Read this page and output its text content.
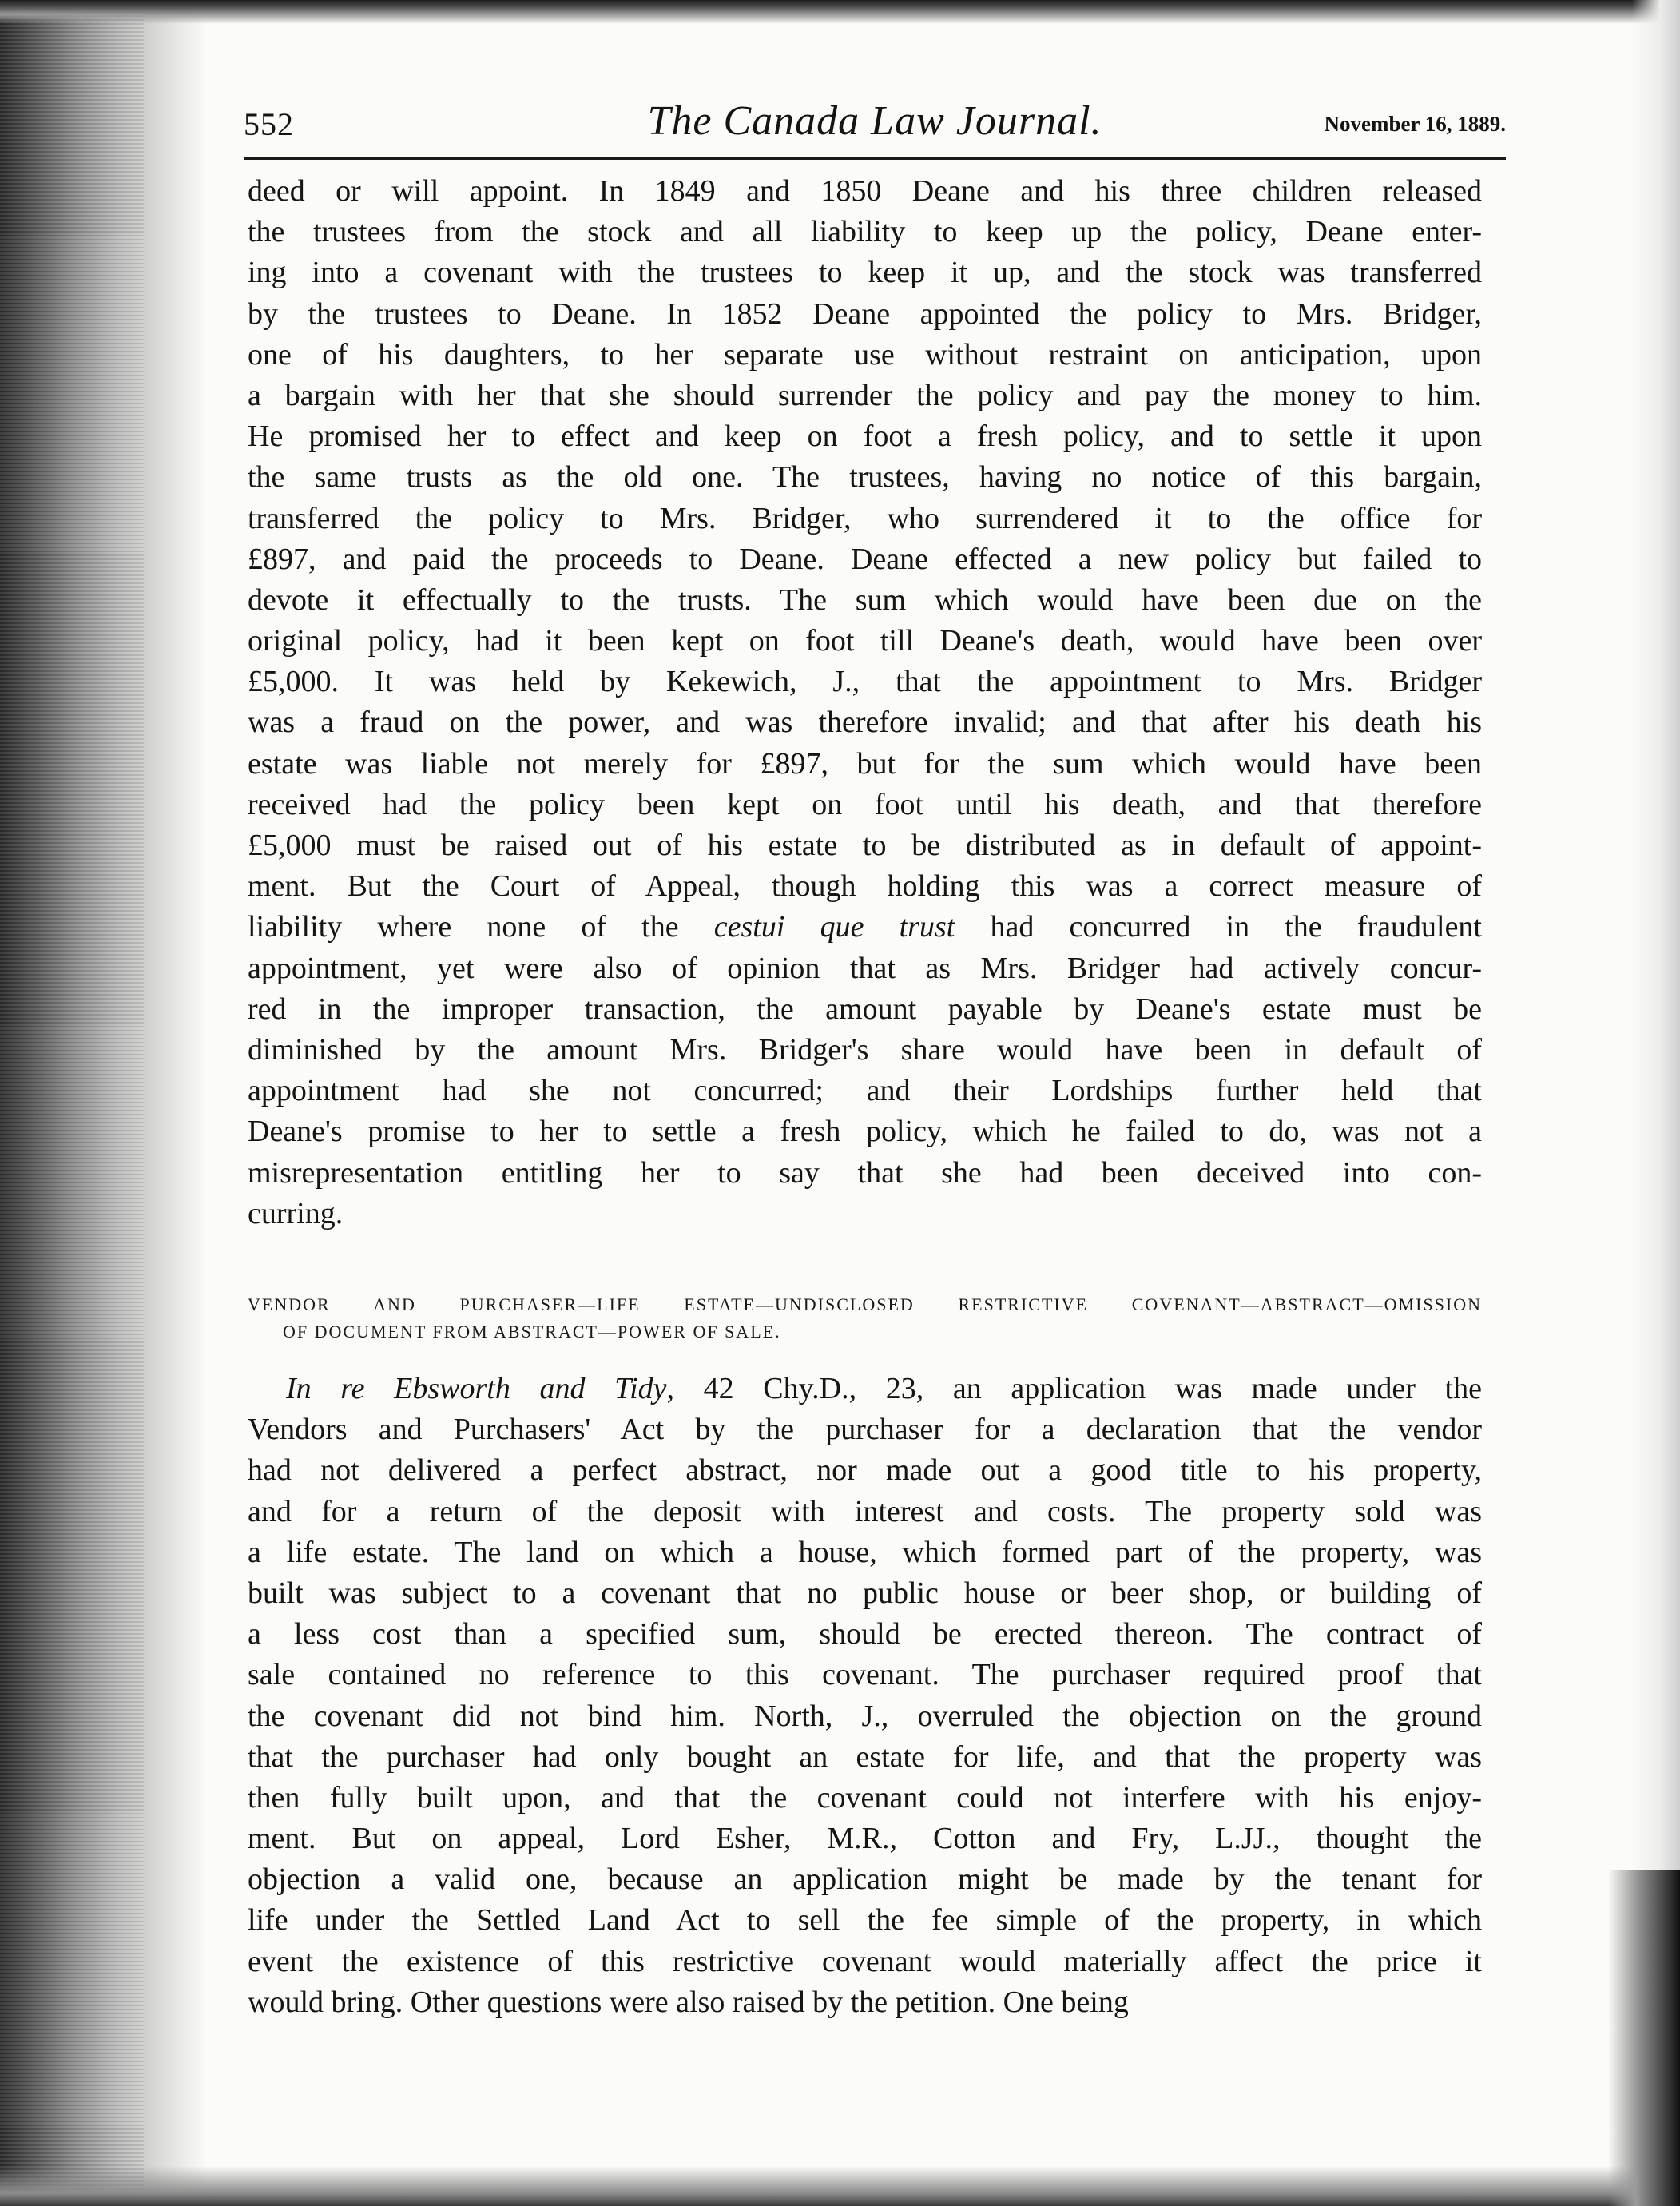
552	The Canada Law Journal.	November 16, 1889.
deed or will appoint. In 1849 and 1850 Deane and his three children released
the trustees from the stock and all liability to keep up the policy, Deane enter-
ing into a covenant with the trustees to keep it up, and the stock was transferred
by the trustees to Deane. In 1852 Deane appointed the policy to Mrs. Bridger,
one of his daughters, to her separate use without restraint on anticipation, upon
a bargain with her that she should surrender the policy and pay the money to him.
He promised her to effect and keep on foot a fresh policy, and to settle it upon
the same trusts as the old one. The trustees, having no notice of this bargain,
transferred the policy to Mrs. Bridger, who surrendered it to the office for
£897, and paid the proceeds to Deane. Deane effected a new policy but failed to
devote it effectually to the trusts. The sum which would have been due on the
original policy, had it been kept on foot till Deane's death, would have been over
£5,000. It was held by Kekewich, J., that the appointment to Mrs. Bridger
was a fraud on the power, and was therefore invalid; and that after his death his
estate was liable not merely for £897, but for the sum which would have been
received had the policy been kept on foot until his death, and that therefore
£5,000 must be raised out of his estate to be distributed as in default of appoint-
ment. But the Court of Appeal, though holding this was a correct measure of
liability where none of the cestui que trust had concurred in the fraudulent
appointment, yet were also of opinion that as Mrs. Bridger had actively concur-
red in the improper transaction, the amount payable by Deane's estate must be
diminished by the amount Mrs. Bridger's share would have been in default of
appointment had she not concurred; and their Lordships further held that
Deane's promise to her to settle a fresh policy, which he failed to do, was not a
misrepresentation entitling her to say that she had been deceived into con-
curring.
VENDOR AND PURCHASER—LIFE ESTATE—UNDISCLOSED RESTRICTIVE COVENANT—ABSTRACT—OMISSION
OF DOCUMENT FROM ABSTRACT—POWER OF SALE.
In re Ebsworth and Tidy, 42 Chy.D., 23, an application was made under the
Vendors and Purchasers' Act by the purchaser for a declaration that the vendor
had not delivered a perfect abstract, nor made out a good title to his property,
and for a return of the deposit with interest and costs. The property sold was
a life estate. The land on which a house, which formed part of the property, was
built was subject to a covenant that no public house or beer shop, or building of
a less cost than a specified sum, should be erected thereon. The contract of
sale contained no reference to this covenant. The purchaser required proof that
the covenant did not bind him. North, J., overruled the objection on the ground
that the purchaser had only bought an estate for life, and that the property was
then fully built upon, and that the covenant could not interfere with his enjoy-
ment. But on appeal, Lord Esher, M.R., Cotton and Fry, L.JJ., thought the
objection a valid one, because an application might be made by the tenant for
life under the Settled Land Act to sell the fee simple of the property, in which
event the existence of this restrictive covenant would materially affect the price it
would bring. Other questions were also raised by the petition. One being
